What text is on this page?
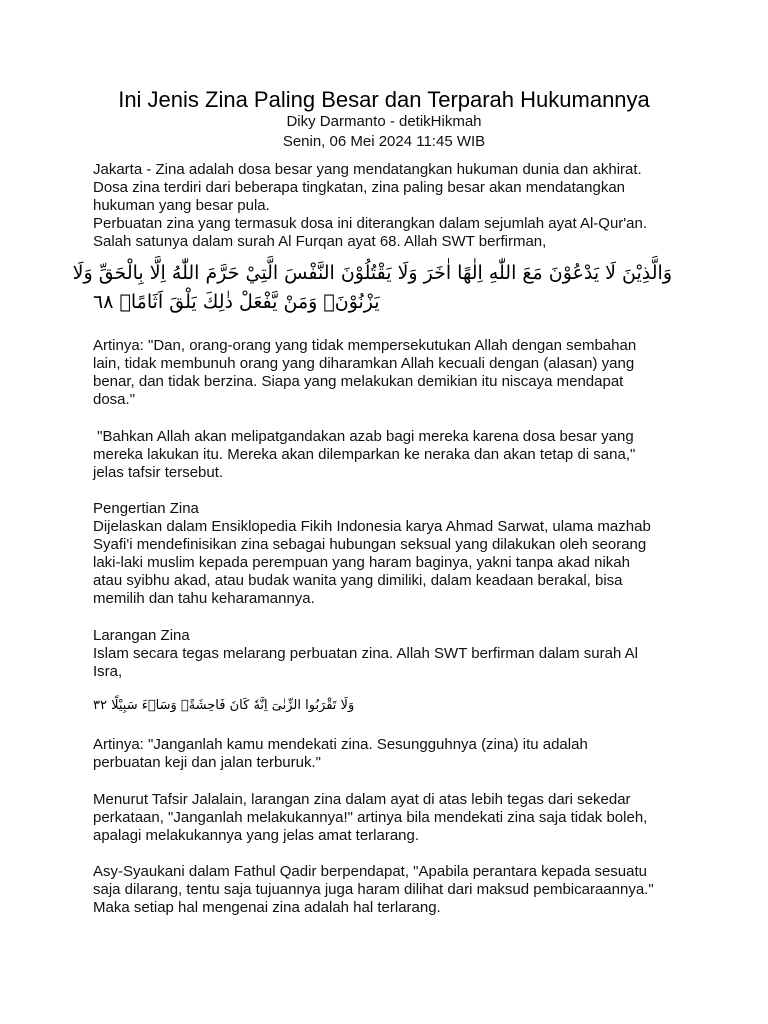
Ini Jenis Zina Paling Besar dan Terparah Hukumannya
Diky Darmanto - detikHikmah
Senin, 06 Mei 2024 11:45 WIB
Jakarta - Zina adalah dosa besar yang mendatangkan hukuman dunia dan akhirat.
Dosa zina terdiri dari beberapa tingkatan, zina paling besar akan mendatangkan
hukuman yang besar pula.
Perbuatan zina yang termasuk dosa ini diterangkan dalam sejumlah ayat Al-Qur'an.
Salah satunya dalam surah Al Furqan ayat 68. Allah SWT berfirman,
وَالَّذِيْنَ لَا يَدْعُوْنَ مَعَ اللّٰهِ اِلٰهًا اٰخَرَ وَلَا يَقْتُلُوْنَ النَّفْسَ الَّتِيْ حَرَّمَ اللّٰهُ اِلَّا بِالْحَقِّ وَلَا
يَزْنُوْنَۚ وَمَنْ يَّفْعَلْ ذٰلِكَ يَلْقَ اَثَامًاۙ ٦٨
Artinya: "Dan, orang-orang yang tidak mempersekutukan Allah dengan sembahan
lain, tidak membunuh orang yang diharamkan Allah kecuali dengan (alasan) yang
benar, dan tidak berzina. Siapa yang melakukan demikian itu niscaya mendapat
dosa."
"Bahkan Allah akan melipatgandakan azab bagi mereka karena dosa besar yang
mereka lakukan itu. Mereka akan dilemparkan ke neraka dan akan tetap di sana,"
jelas tafsir tersebut.
Pengertian Zina
Dijelaskan dalam Ensiklopedia Fikih Indonesia karya Ahmad Sarwat, ulama mazhab
Syafi'i mendefinisikan zina sebagai hubungan seksual yang dilakukan oleh seorang
laki-laki muslim kepada perempuan yang haram baginya, yakni tanpa akad nikah
atau syibhu akad, atau budak wanita yang dimiliki, dalam keadaan berakal, bisa
memilih dan tahu keharamannya.
Larangan Zina
Islam secara tegas melarang perbuatan zina. Allah SWT berfirman dalam surah Al
Isra,
وَلَا تَقْرَبُوا الزِّنٰىٓ اِنَّهٗ كَانَ فَاحِشَةًۗ وَسَاۤءَ سَبِيْلًا ٣٢
Artinya: "Janganlah kamu mendekati zina. Sesungguhnya (zina) itu adalah
perbuatan keji dan jalan terburuk."
Menurut Tafsir Jalalain, larangan zina dalam ayat di atas lebih tegas dari sekedar
perkataan, "Janganlah melakukannya!" artinya bila mendekati zina saja tidak boleh,
apalagi melakukannya yang jelas amat terlarang.
Asy-Syaukani dalam Fathul Qadir berpendapat, "Apabila perantara kepada sesuatu
saja dilarang, tentu saja tujuannya juga haram dilihat dari maksud pembicaraannya."
Maka setiap hal mengenai zina adalah hal terlarang.
